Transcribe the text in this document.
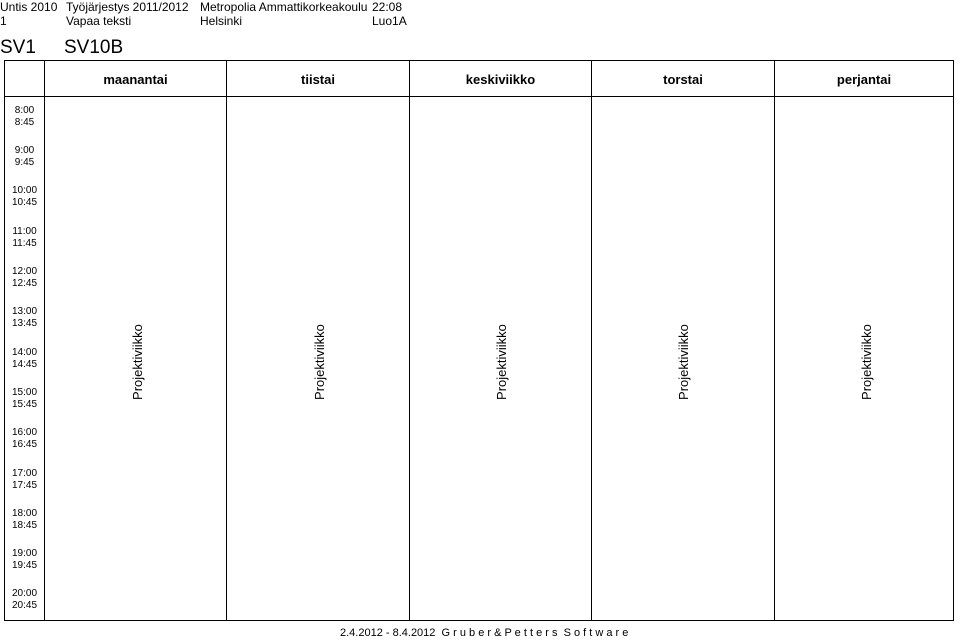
Untis 2010 Työjärjestys 2011/2012 Metropolia Ammattikorkeakoulu 22:08
1	Vapaa teksti	Helsinki	Luo1A
SV1 SV10B
maanantai	tiistai	keskiviikko	torstai	perjantai
8:00
8:45
9:00
9:45
10:00
10:45
11:00
11:45
12:00
12:45
13:00
13:45
14:00
14:45
15:00
15:45
16:00
16:45
17:00
17:45
18:00
18:45
19:00
19:45
20:00
20:45
Projektiviikko	Projektiviikko	Projektiviikko	Projektiviikko	Projektiviikko
2.4.2012 - 8.4.2012  G r u b e r & P e t t e r s  S o f t w a r e
